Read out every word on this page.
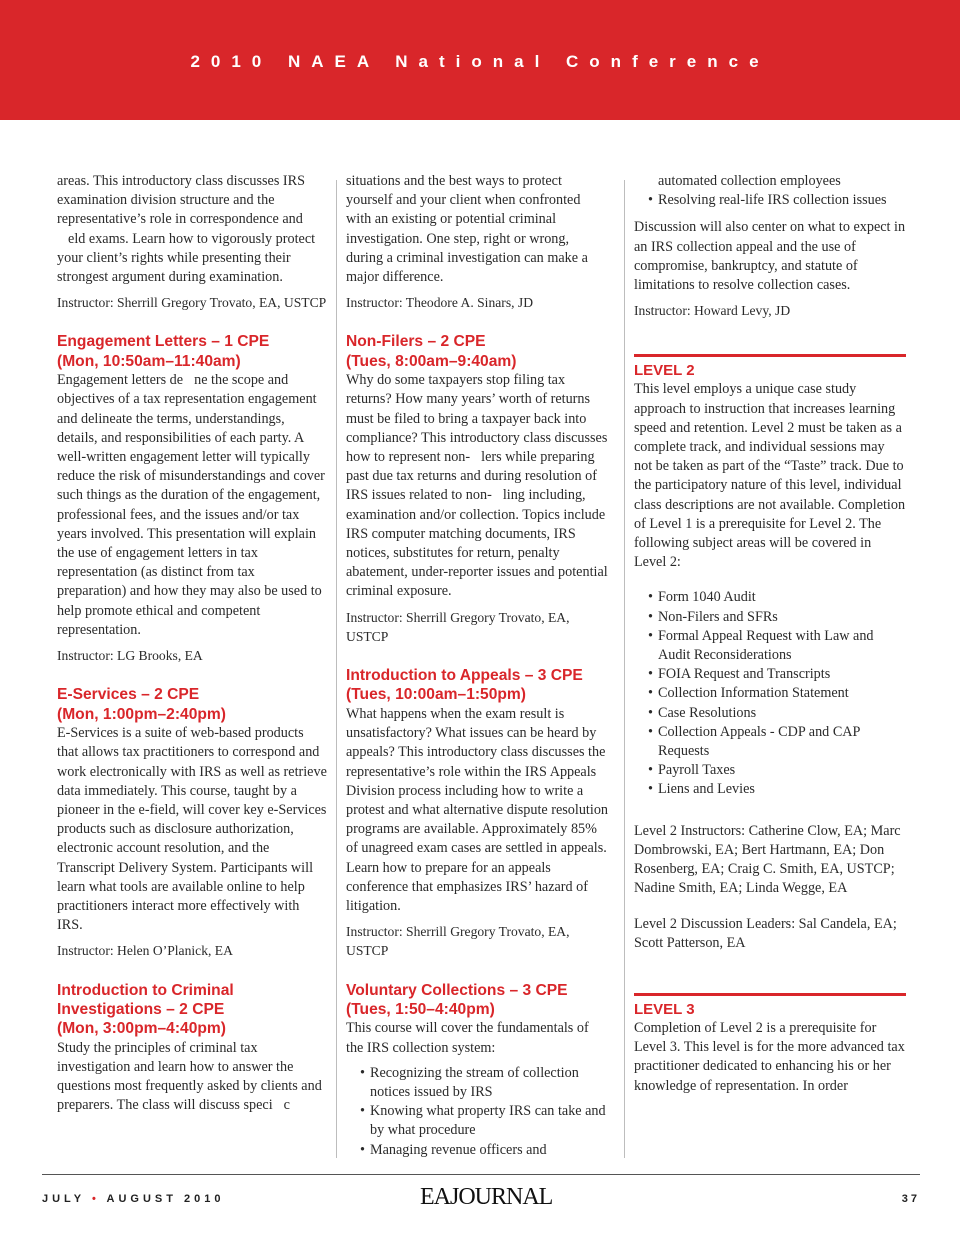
2010 NAEA National Conference

areas. This introductory class discusses IRS examination division structure and the representative’s role in correspondence and  eld exams. Learn how to vigorously protect your client’s rights while presenting their strongest argument during examination.

Instructor: Sherrill Gregory Trovato, EA, USTCP

Engagement Letters – 1 CPE

(Mon, 10:50am–11:40am)

Engagement letters de ne the scope and objectives of a tax representation engagement and delineate the terms, understandings, details, and responsibilities of each party. A well-written engagement letter will typically reduce the risk of misunderstandings and cover such things as the duration of the engagement, professional fees, and the issues and/or tax years involved. This presentation will explain the use of engagement letters in tax representation (as distinct from tax preparation) and how they may also be used to help promote ethical and competent representation.

Instructor: LG Brooks, EA

E-Services – 2 CPE

(Mon, 1:00pm–2:40pm)

E-Services is a suite of web-based products that allows tax practitioners to correspond and work electronically with IRS as well as retrieve data immediately. This course, taught by a pioneer in the e-field, will cover key e-Services products such as disclosure authorization, electronic account resolution, and the Transcript Delivery System. Participants will learn what tools are available online to help practitioners interact more effectively with IRS.

Instructor: Helen O’Planick, EA

Introduction to Criminal Investigations – 2 CPE

(Mon, 3:00pm–4:40pm)

Study the principles of criminal tax investigation and learn how to answer the questions most frequently asked by clients and preparers. The class will discuss speci c

situations and the best ways to protect yourself and your client when confronted with an existing or potential criminal investigation. One step, right or wrong, during a criminal investigation can make a major difference.

Instructor: Theodore A. Sinars, JD

Non-Filers – 2 CPE

(Tues, 8:00am–9:40am)

Why do some taxpayers stop filing tax returns? How many years’ worth of returns must be filed to bring a taxpayer back into compliance? This introductory class discusses how to represent non- lers while preparing past due tax returns and during resolution of IRS issues related to non- ling including, examination and/or collection. Topics include IRS computer matching documents, IRS notices, substitutes for return, penalty abatement, under-reporter issues and potential criminal exposure.

Instructor: Sherrill Gregory Trovato, EA, USTCP

Introduction to Appeals – 3 CPE

(Tues, 10:00am–1:50pm)

What happens when the exam result is unsatisfactory? What issues can be heard by appeals? This introductory class discusses the representative’s role within the IRS Appeals Division process including how to write a protest and what alternative dispute resolution programs are available. Approximately 85% of unagreed exam cases are settled in appeals. Learn how to prepare for an appeals conference that emphasizes IRS’ hazard of litigation.

Instructor: Sherrill Gregory Trovato, EA, USTCP

Voluntary Collections – 3 CPE

(Tues, 1:50–4:40pm)

This course will cover the fundamentals of the IRS collection system:

• Recognizing the stream of collection notices issued by IRS
• Knowing what property IRS can take and by what procedure
• Managing revenue officers and

automated collection employees

• Resolving real-life IRS collection issues

Discussion will also center on what to expect in an IRS collection appeal and the use of compromise, bankruptcy, and statute of limitations to resolve collection cases.

Instructor: Howard Levy, JD

LEVEL 2

This level employs a unique case study approach to instruction that increases learning speed and retention. Level 2 must be taken as a complete track, and individual sessions may not be taken as part of the “Taste” track. Due to the participatory nature of this level, individual class descriptions are not available. Completion of Level 1 is a prerequisite for Level 2. The following subject areas will be covered in Level 2:

• Form 1040 Audit
• Non-Filers and SFRs
• Formal Appeal Request with Law and Audit Reconsiderations
• FOIA Request and Transcripts
• Collection Information Statement
• Case Resolutions
• Collection Appeals - CDP and CAP Requests
• Payroll Taxes
• Liens and Levies

Level 2 Instructors: Catherine Clow, EA; Marc Dombrowski, EA; Bert Hartmann, EA; Don Rosenberg, EA; Craig C. Smith, EA, USTCP; Nadine Smith, EA; Linda Wegge, EA

Level 2 Discussion Leaders: Sal Candela, EA; Scott Patterson, EA

LEVEL 3

Completion of Level 2 is a prerequisite for Level 3. This level is for the more advanced tax practitioner dedicated to enhancing his or her knowledge of representation. In order

JULY • AUGUST 2010	EAJOURNAL	37
